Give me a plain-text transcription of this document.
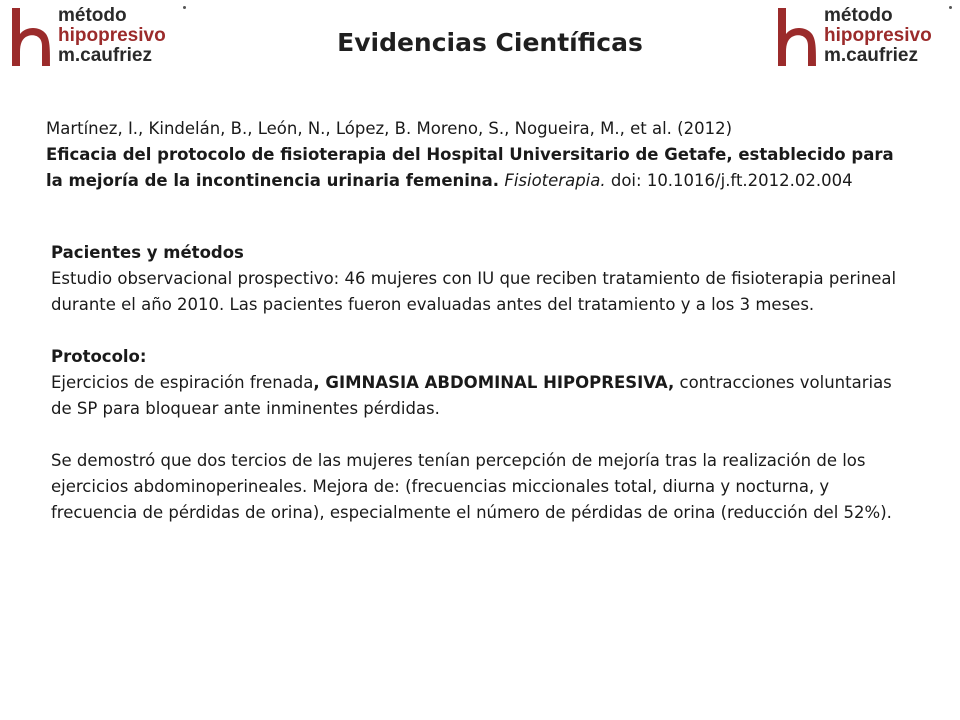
método
hipopresivo
m.caufriez
método
hipopresivo
m.caufriez
Evidencias Científicas
Martínez, I., Kindelán, B., León, N., López, B. Moreno, S., Nogueira, M., et al. (2012)
Eficacia del protocolo de fisioterapia del Hospital Universitario de Getafe, establecido para la mejoría de la incontinencia urinaria femenina. Fisioterapia. doi: 10.1016/j.ft.2012.02.004

Pacientes y métodos

Estudio observacional prospectivo: 46 mujeres con IU que reciben tratamiento de fisioterapia perineal durante el año 2010. Las pacientes fueron evaluadas antes del tratamiento y a los 3 meses.

Protocolo:

Ejercicios de espiración frenada, GIMNASIA ABDOMINAL HIPOPRESIVA, contracciones voluntarias de SP para bloquear ante inminentes pérdidas.

Se demostró que dos tercios de las mujeres tenían percepción de mejoría tras la realización de los ejercicios abdominoperineales. Mejora de: (frecuencias miccionales total, diurna y nocturna, y frecuencia de pérdidas de orina), especialmente el número de pérdidas de orina (reducción del 52%).
